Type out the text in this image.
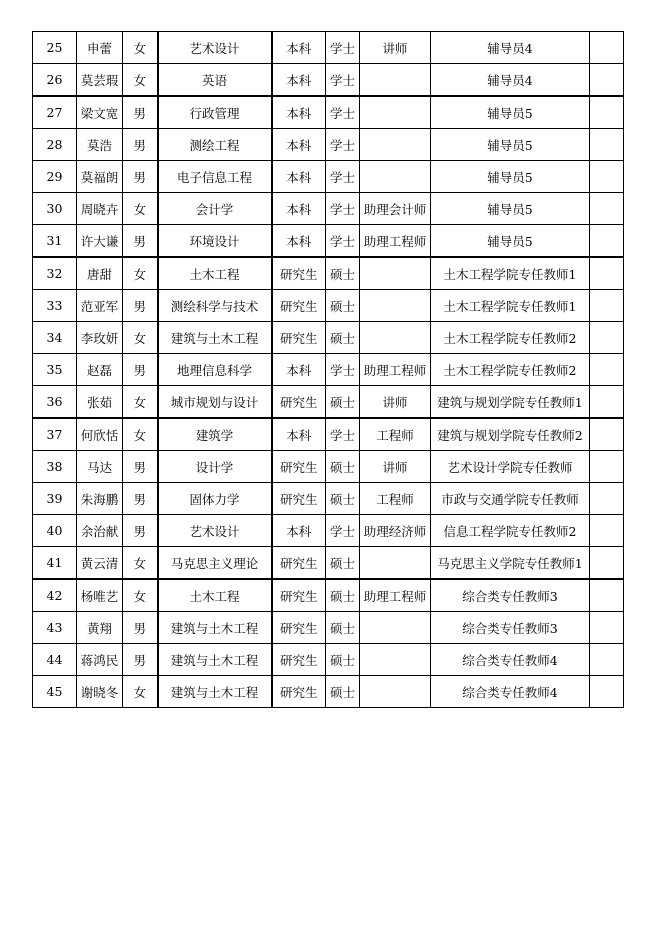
25	申蕾	女	艺术设计	本科	学士	讲师	辅导员4	
26	莫芸瑕	女	英语	本科	学士		辅导员4	
27	梁文宽	男	行政管理	本科	学士		辅导员5	
28	莫浩	男	测绘工程	本科	学士		辅导员5	
29	莫福朗	男	电子信息工程	本科	学士		辅导员5	
30	周晓卉	女	会计学	本科	学士	助理会计师	辅导员5	
31	许大谦	男	环境设计	本科	学士	助理工程师	辅导员5	
32	唐甜	女	土木工程	研究生	硕士		土木工程学院专任教师1	
33	范亚军	男	测绘科学与技术	研究生	硕士		土木工程学院专任教师1	
34	李玫妍	女	建筑与土木工程	研究生	硕士		土木工程学院专任教师2	
35	赵磊	男	地理信息科学	本科	学士	助理工程师	土木工程学院专任教师2	
36	张茹	女	城市规划与设计	研究生	硕士	讲师	建筑与规划学院专任教师1	
37	何欣恬	女	建筑学	本科	学士	工程师	建筑与规划学院专任教师2	
38	马达	男	设计学	研究生	硕士	讲师	艺术设计学院专任教师	
39	朱海鹏	男	固体力学	研究生	硕士	工程师	市政与交通学院专任教师	
40	余治献	男	艺术设计	本科	学士	助理经济师	信息工程学院专任教师2	
41	黄云清	女	马克思主义理论	研究生	硕士		马克思主义学院专任教师1	
42	杨唯艺	女	土木工程	研究生	硕士	助理工程师	综合类专任教师3	
43	黄翔	男	建筑与土木工程	研究生	硕士		综合类专任教师3	
44	蒋鸿民	男	建筑与土木工程	研究生	硕士		综合类专任教师4	
45	谢晓冬	女	建筑与土木工程	研究生	硕士		综合类专任教师4	
